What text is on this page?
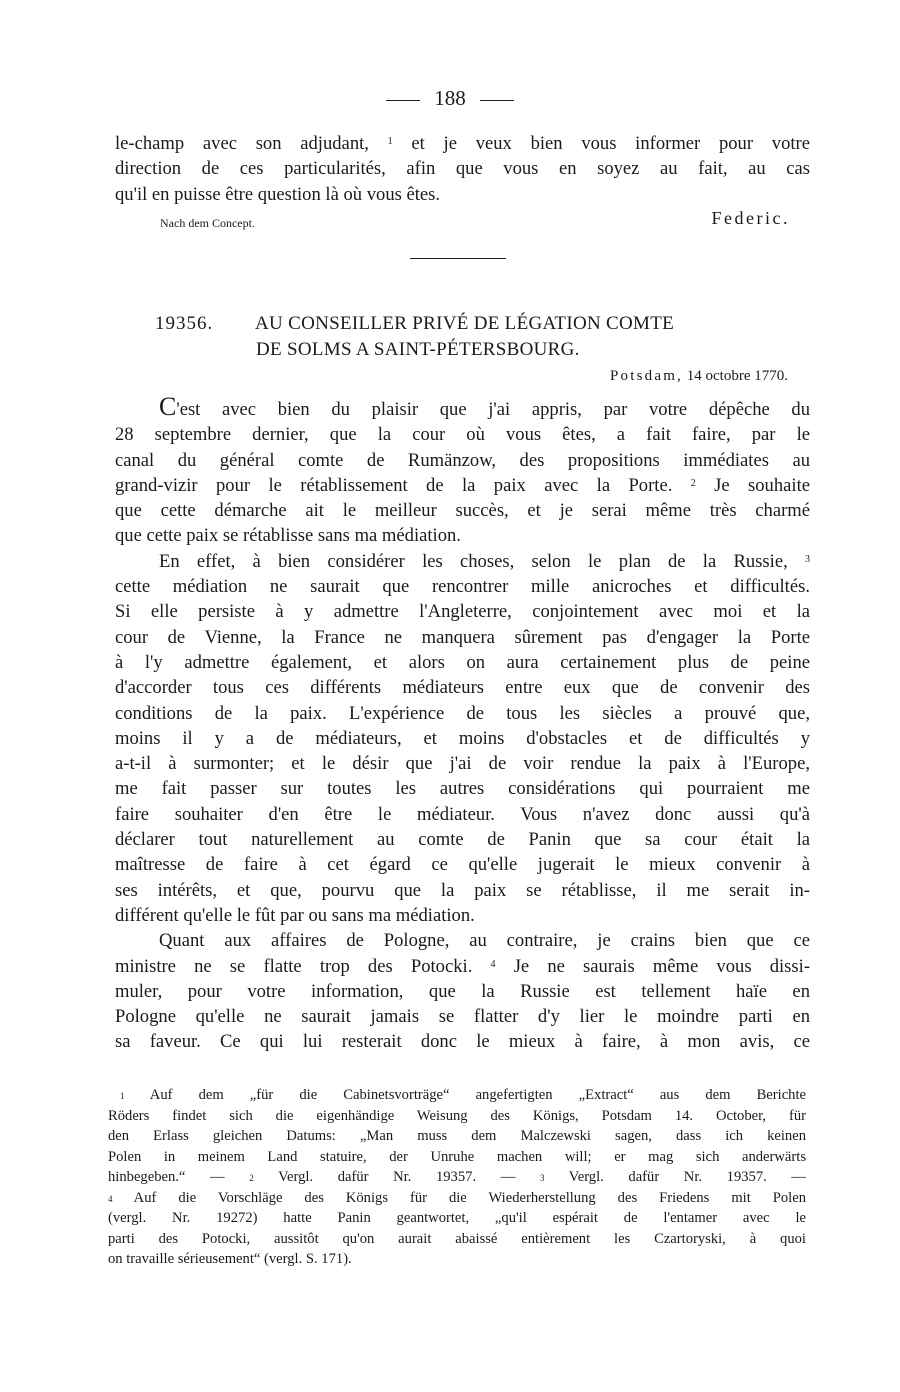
188
le-champ avec son adjudant, $^1$ et je veux bien vous informer pour votre
direction de ces particularités, afin que vous en soyez au fait, au cas
qu'il en puisse être question là où vous êtes.
Nach dem Concept.	Federic.
19356. AU CONSEILLER PRIVÉ DE LÉGATION COMTE
DE SOLMS A SAINT-PÉTERSBOURG.
Potsdam, 14 octobre 1770.
C'est avec bien du plaisir que j'ai appris, par votre dépêche du
28 septembre dernier, que la cour où vous êtes, a fait faire, par le
canal du général comte de Rumänzow, des propositions immédiates au
grand-vizir pour le rétablissement de la paix avec la Porte. $^2$ Je souhaite
que cette démarche ait le meilleur succès, et je serai même très charmé
que cette paix se rétablisse sans ma médiation.
En effet, à bien considérer les choses, selon le plan de la Russie, $^3$
cette médiation ne saurait que rencontrer mille anicroches et difficultés.
Si elle persiste à y admettre l'Angleterre, conjointement avec moi et la
cour de Vienne, la France ne manquera sûrement pas d'engager la Porte
à l'y admettre également, et alors on aura certainement plus de peine
d'accorder tous ces différents médiateurs entre eux que de convenir des
conditions de la paix. L'expérience de tous les siècles a prouvé que,
moins il y a de médiateurs, et moins d'obstacles et de difficultés y
a-t-il à surmonter; et le désir que j'ai de voir rendue la paix à l'Europe,
me fait passer sur toutes les autres considérations qui pourraient me
faire souhaiter d'en être le médiateur. Vous n'avez donc aussi qu'à
déclarer tout naturellement au comte de Panin que sa cour était la
maîtresse de faire à cet égard ce qu'elle jugerait le mieux convenir à
ses intérêts, et que, pourvu que la paix se rétablisse, il me serait in-
différent qu'elle le fût par ou sans ma médiation.
Quant aux affaires de Pologne, au contraire, je crains bien que ce
ministre ne se flatte trop des Potocki. $^4$ Je ne saurais même vous dissi-
muler, pour votre information, que la Russie est tellement haïe en
Pologne qu'elle ne saurait jamais se flatter d'y lier le moindre parti en
sa faveur. Ce qui lui resterait donc le mieux à faire, à mon avis, ce
$^1$ Auf dem „für die Cabinetsvorträge“ angefertigten „Extract“ aus dem Berichte
Röders findet sich die eigenhändige Weisung des Königs, Potsdam 14. October, für
den Erlass gleichen Datums: „Man muss dem Malczewski sagen, dass ich keinen
Polen in meinem Land statuire, der Unruhe machen will; er mag sich anderwärts
hinbegeben.“ —	$^2$ Vergl. dafür Nr. 19357. —	$^3$ Vergl. dafür Nr. 19357. —
$^4$ Auf die Vorschläge des Königs für die Wiederherstellung des Friedens mit Polen
(vergl. Nr. 19272) hatte Panin geantwortet, „qu'il espérait de l'entamer avec le
parti des Potocki, aussitôt qu'on aurait abaissé entièrement les Czartoryski, à quoi
on travaille sérieusement“ (vergl. S. 171).
